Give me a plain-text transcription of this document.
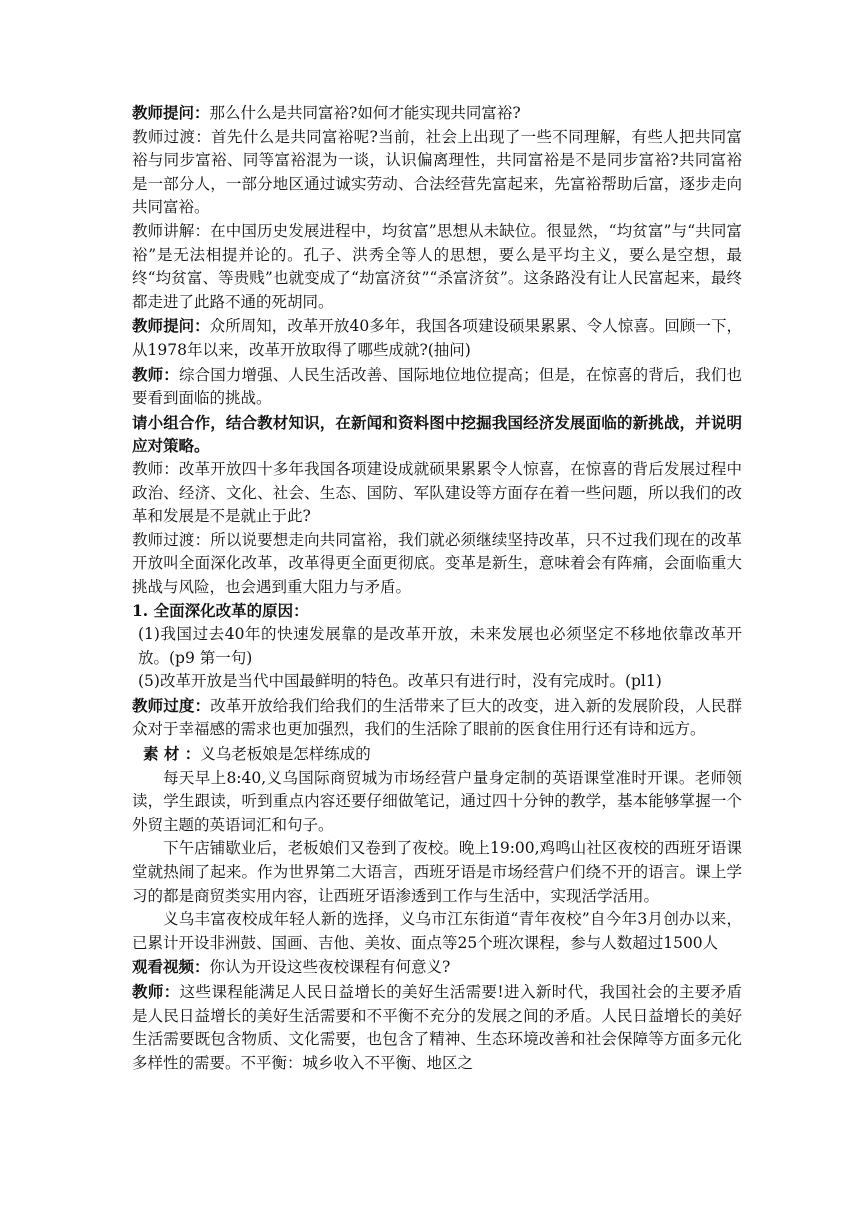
教师提问：那么什么是共同富裕?如何才能实现共同富裕?

教师过渡：首先什么是共同富裕呢?当前，社会上出现了一些不同理解，有些人把共同富裕与同步富裕、同等富裕混为一谈，认识偏离理性，共同富裕是不是同步富裕?共同富裕是一部分人，一部分地区通过诚实劳动、合法经营先富起来，先富裕帮助后富，逐步走向共同富裕。

教师讲解：在中国历史发展进程中，均贫富”思想从未缺位。很显然，“均贫富”与“共同富裕”是无法相提并论的。孔子、洪秀全等人的思想，要么是平均主义，要么是空想，最终“均贫富、等贵贱”也就变成了“劫富济贫”“杀富济贫”。这条路没有让人民富起来，最终都走进了此路不通的死胡同。

教师提问：众所周知，改革开放40多年，我国各项建设硕果累累、令人惊喜。回顾一下，从1978年以来，改革开放取得了哪些成就?(抽问)

教师：综合国力增强、人民生活改善、国际地位地位提高；但是，在惊喜的背后，我们也要看到面临的挑战。

请小组合作，结合教材知识，在新闻和资料图中挖掘我国经济发展面临的新挑战，并说明应对策略。

教师：改革开放四十多年我国各项建设成就硕果累累令人惊喜，在惊喜的背后发展过程中政治、经济、文化、社会、生态、国防、军队建设等方面存在着一些问题，所以我们的改革和发展是不是就止于此?

教师过渡：所以说要想走向共同富裕，我们就必须继续坚持改革，只不过我们现在的改革开放叫全面深化改革，改革得更全面更彻底。变革是新生，意味着会有阵痛，会面临重大挑战与风险，也会遇到重大阻力与矛盾。

1. 全面深化改革的原因：

(1)我国过去40年的快速发展靠的是改革开放，未来发展也必须坚定不移地依靠改革开放。(p9 第一句)

(5)改革开放是当代中国最鲜明的特色。改革只有进行时，没有完成时。(pl1)

教师过度：改革开放给我们给我们的生活带来了巨大的改变，进入新的发展阶段，人民群众对于幸福感的需求也更加强烈，我们的生活除了眼前的医食住用行还有诗和远方。

素 材 ：义乌老板娘是怎样练成的

每天早上8:40,义乌国际商贸城为市场经营户量身定制的英语课堂准时开课。老师领读，学生跟读，听到重点内容还要仔细做笔记，通过四十分钟的教学，基本能够掌握一个外贸主题的英语词汇和句子。

下午店铺歇业后，老板娘们又卷到了夜校。晚上19:00,鸡鸣山社区夜校的西班牙语课堂就热闹了起来。作为世界第二大语言，西班牙语是市场经营户们绕不开的语言。课上学习的都是商贸类实用内容，让西班牙语渗透到工作与生活中，实现活学活用。

义乌丰富夜校成年轻人新的选择，义乌市江东街道“青年夜校”自今年3月创办以来，已累计开设非洲鼓、国画、吉他、美妆、面点等25个班次课程，参与人数超过1500人

观看视频：你认为开设这些夜校课程有何意义?

教师：这些课程能满足人民日益增长的美好生活需要!进入新时代，我国社会的主要矛盾是人民日益增长的美好生活需要和不平衡不充分的发展之间的矛盾。人民日益增长的美好生活需要既包含物质、文化需要，也包含了精神、生态环境改善和社会保障等方面多元化多样性的需要。不平衡：城乡收入不平衡、地区之
